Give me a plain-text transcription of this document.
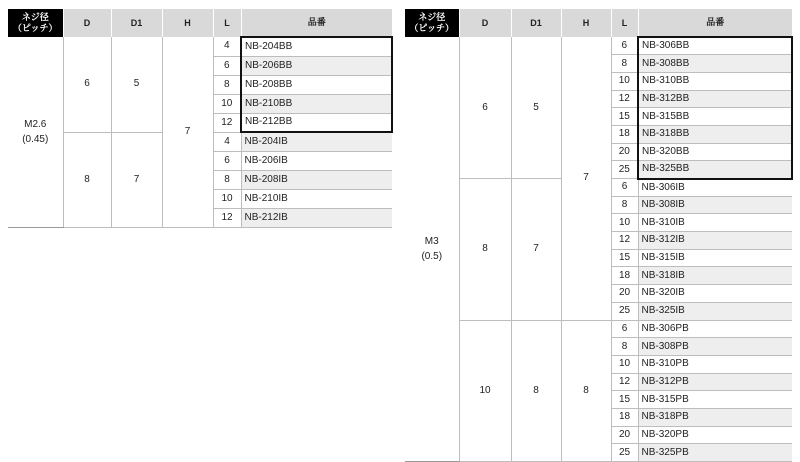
ネジ径
（ピッチ）	D	D1	H	L	品番
M2.6
(0.45)	6	5	7	4	NB-204BB
				6	NB-206BB
				8	NB-208BB
				10	NB-210BB
				12	NB-212BB
	8	7		4	NB-204IB
				6	NB-206IB
				8	NB-208IB
				10	NB-210IB
				12	NB-212IB
ネジ径
（ピッチ）	D	D1	H	L	品番
M3
(0.5)	6	5	7	6	NB-306BB
				8	NB-308BB
				10	NB-310BB
				12	NB-312BB
				15	NB-315BB
				18	NB-318BB
				20	NB-320BB
				25	NB-325BB
	8	7		6	NB-306IB
				8	NB-308IB
				10	NB-310IB
				12	NB-312IB
				15	NB-315IB
				18	NB-318IB
				20	NB-320IB
				25	NB-325IB
	10	8	8	6	NB-306PB
				8	NB-308PB
				10	NB-310PB
				12	NB-312PB
				15	NB-315PB
				18	NB-318PB
				20	NB-320PB
				25	NB-325PB
